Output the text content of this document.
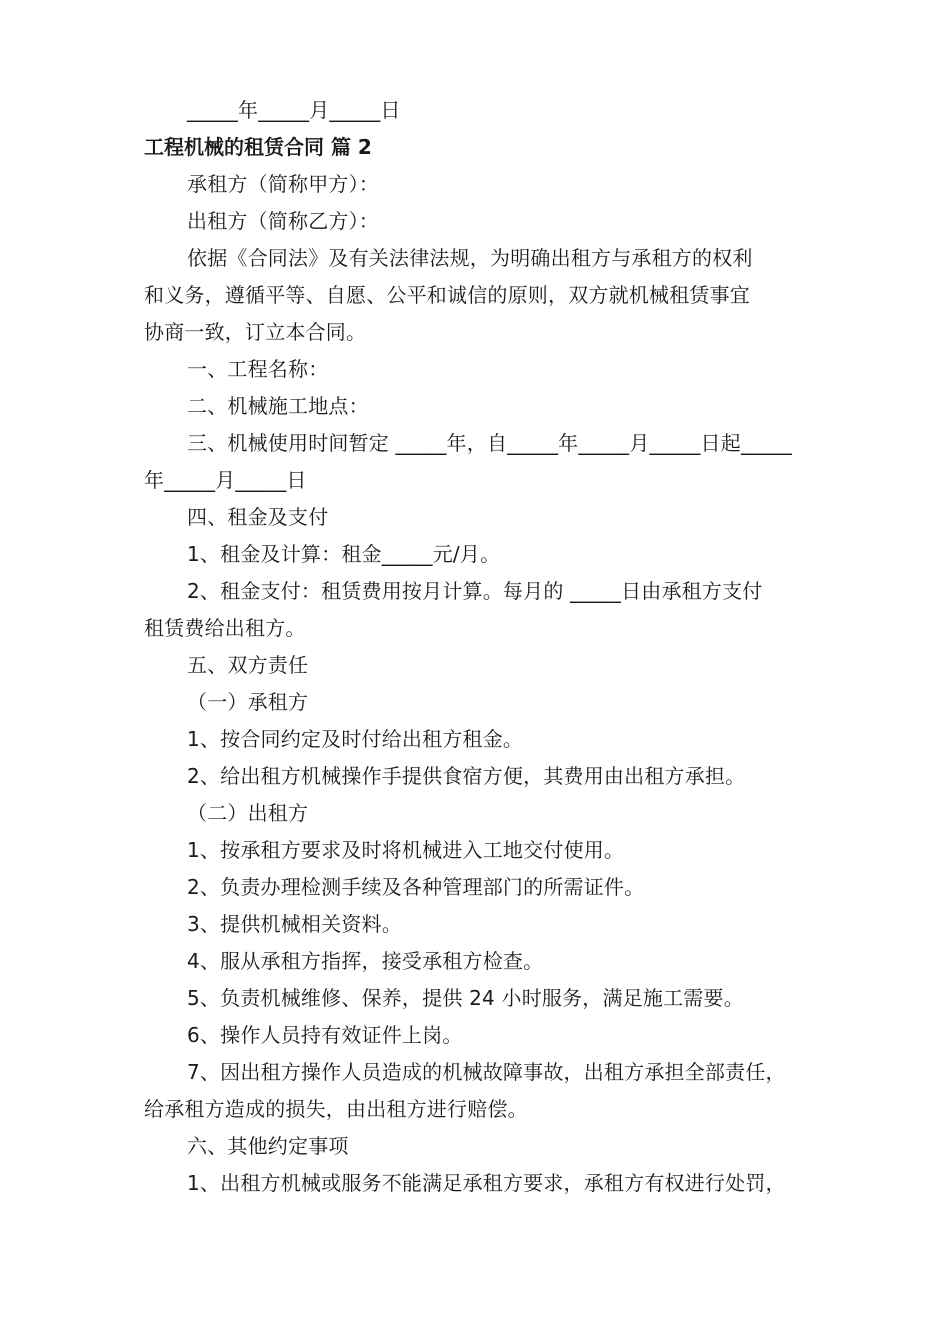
_____年_____月_____日
工程机械的租赁合同 篇 2
承租方（简称甲方）：
出租方（简称乙方）：
依据《合同法》及有关法律法规，为明确出租方与承租方的权利
和义务，遵循平等、自愿、公平和诚信的原则，双方就机械租赁事宜
协商一致，订立本合同。
一、工程名称：
二、机械施工地点：
三、机械使用时间暂定 _____年，自_____年_____月_____日起_____
年_____月_____日
四、租金及支付
1、租金及计算：租金_____元/月。
2、租金支付：租赁费用按月计算。每月的 _____日由承租方支付
租赁费给出租方。
五、双方责任
（一）承租方
1、按合同约定及时付给出租方租金。
2、给出租方机械操作手提供食宿方便，其费用由出租方承担。
（二）出租方
1、按承租方要求及时将机械进入工地交付使用。
2、负责办理检测手续及各种管理部门的所需证件。
3、提供机械相关资料。
4、服从承租方指挥，接受承租方检查。
5、负责机械维修、保养，提供 24 小时服务，满足施工需要。
6、操作人员持有效证件上岗。
7、因出租方操作人员造成的机械故障事故，出租方承担全部责任，
给承租方造成的损失，由出租方进行赔偿。
六、其他约定事项
1、出租方机械或服务不能满足承租方要求，承租方有权进行处罚，
